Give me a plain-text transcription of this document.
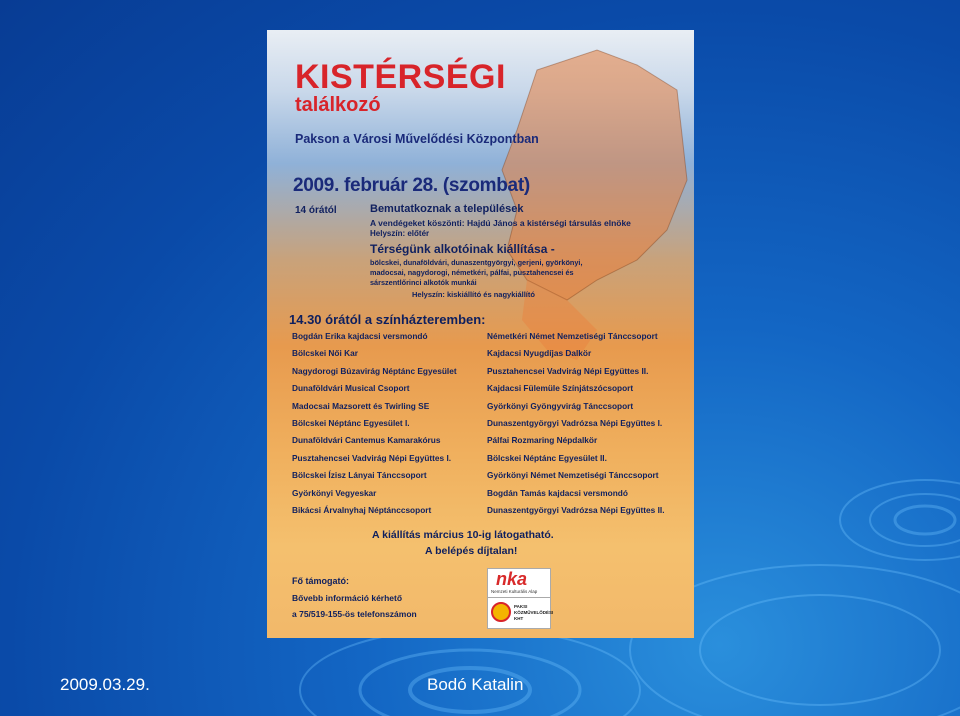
KISTÉRSÉGI

találkozó

Pakson a Városi Művelődési Központban

2009. február 28. (szombat)

14 órától	Bemutatkoznak a települések

A vendégeket köszönti: Hajdú János a kistérségi társulás elnöke

Helyszín: előtér

Térségünk alkotóinak kiállítása -

bölcskei, dunaföldvári, dunaszentgyörgyi, gerjeni, györkönyi,

madocsai, nagydorogi, németkéri, pálfai, pusztahencsei és

sárszentlőrinci alkotók munkái

Helyszín: kiskiállító és nagykiállító

14.30 órától a színházteremben:

Bogdán Erika kajdacsi versmondó
Bölcskei Női Kar
Nagydorogi Búzavirág Néptánc Egyesület
Dunaföldvári Musical Csoport
Madocsai Mazsorett és Twirling SE
Bölcskei Néptánc Egyesület I.
Dunaföldvári Cantemus Kamarakórus
Pusztahencsei Vadvirág Népi Együttes I.
Bölcskei Ízisz Lányai Tánccsoport
Györkönyi Vegyeskar
Bikácsi Árvalnyhaj Néptánccsoport
Németkéri Német Nemzetiségi Tánccsoport
Kajdacsi Nyugdíjas Dalkör
Pusztahencsei Vadvirág Népi Együttes II.
Kajdacsi Fülemüle Színjátszócsoport
Györkönyi Gyöngyvirág Tánccsoport
Dunaszentgyörgyi Vadrózsa Népi Együttes I.
Pálfai Rozmaring Népdalkör
Bölcskei Néptánc Egyesület II.
Györkönyi Német Nemzetiségi Tánccsoport
Bogdán Tamás kajdacsi versmondó
Dunaszentgyörgyi Vadrózsa Népi Együttes II.

A kiállítás március 10-ig látogatható.

A belépés díjtalan!

Fő támogató:

Bővebb információ kérhető

a 75/519-155-ös telefonszámon

nka
Nemzeti Kulturális Alap
PAKSI
KÖZMŰVELŐDÉSI
KHT
2009.03.29.	Bodó Katalin
